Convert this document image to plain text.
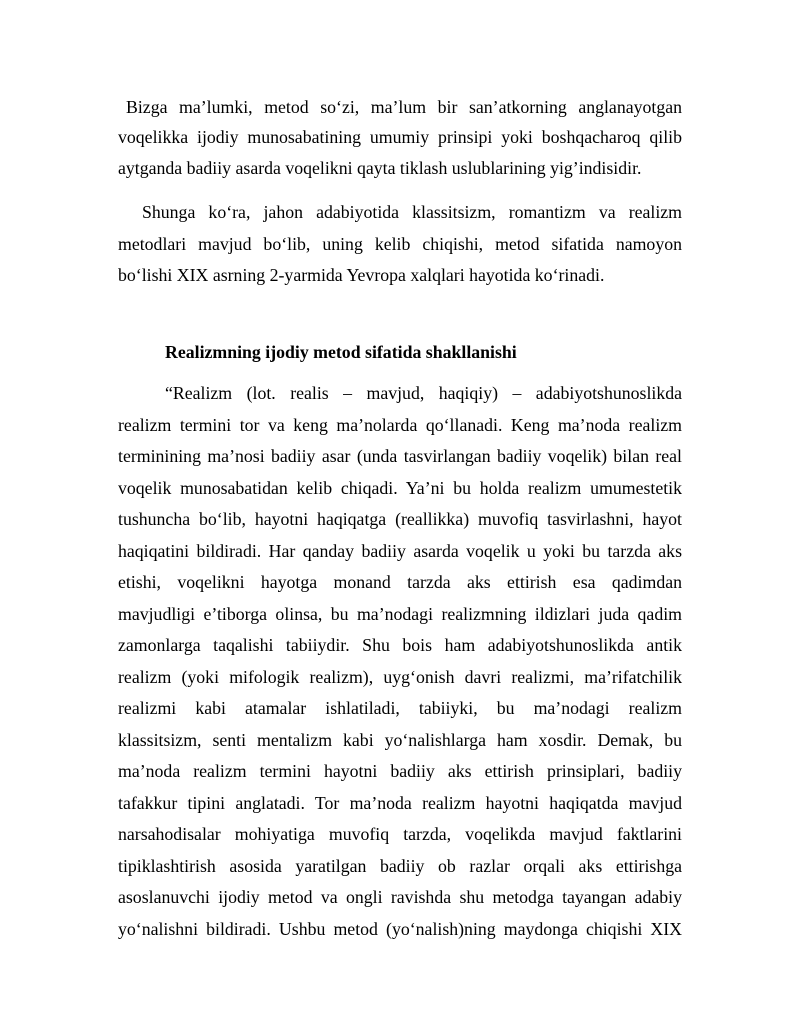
Bizga ma’lumki, metod so‘zi, ma’lum bir san’atkorning anglanayotgan
voqelikka ijodiy munosabatining umumiy prinsipi yoki boshqacharoq qilib
aytganda badiiy asarda voqelikni qayta tiklash uslublarining yig’indisidir.
Shunga ko‘ra, jahon adabiyotida klassitsizm, romantizm va realizm
metodlari mavjud bo‘lib, uning kelib chiqishi, metod sifatida namoyon
bo‘lishi XIX asrning 2-yarmida Yevropa xalqlari hayotida ko‘rinadi.
Realizmning ijodiy metod sifatida shakllanishi
“Realizm (lot. realis – mavjud, haqiqiy) – adabiyotshunoslikda
realizm termini tor va keng ma’nolarda qo‘llanadi. Keng ma’noda realizm
terminining ma’nosi badiiy asar (unda tasvirlangan badiiy voqelik) bilan real
voqelik munosabatidan kelib chiqadi. Ya’ni bu holda realizm umumestetik
tushuncha bo‘lib, hayotni haqiqatga (reallikka) muvofiq tasvirlashni, hayot
haqiqatini bildiradi. Har qanday badiiy asarda voqelik u yoki bu tarzda aks
etishi, voqelikni hayotga monand tarzda aks ettirish esa qadimdan
mavjudligi e’tiborga olinsa, bu ma’nodagi realizmning ildizlari juda qadim
zamonlarga taqalishi tabiiydir. Shu bois ham adabiyotshunoslikda antik
realizm (yoki mifologik realizm), uyg‘onish davri realizmi, ma’rifatchilik
realizmi kabi atamalar ishlatiladi, tabiiyki, bu ma’nodagi realizm
klassitsizm, senti mentalizm kabi yo‘nalishlarga ham xosdir. Demak, bu
ma’noda realizm termini hayotni badiiy aks ettirish prinsiplari, badiiy
tafakkur tipini anglatadi. Tor ma’noda realizm hayotni haqiqatda mavjud
narsahodisalar mohiyatiga muvofiq tarzda, voqelikda mavjud faktlarini
tipiklashtirish asosida yaratilgan badiiy ob razlar orqali aks ettirishga
asoslanuvchi ijodiy metod va ongli ravishda shu metodga tayangan adabiy
yo‘nalishni bildiradi. Ushbu metod (yo‘nalish)ning maydonga chiqishi XIX
